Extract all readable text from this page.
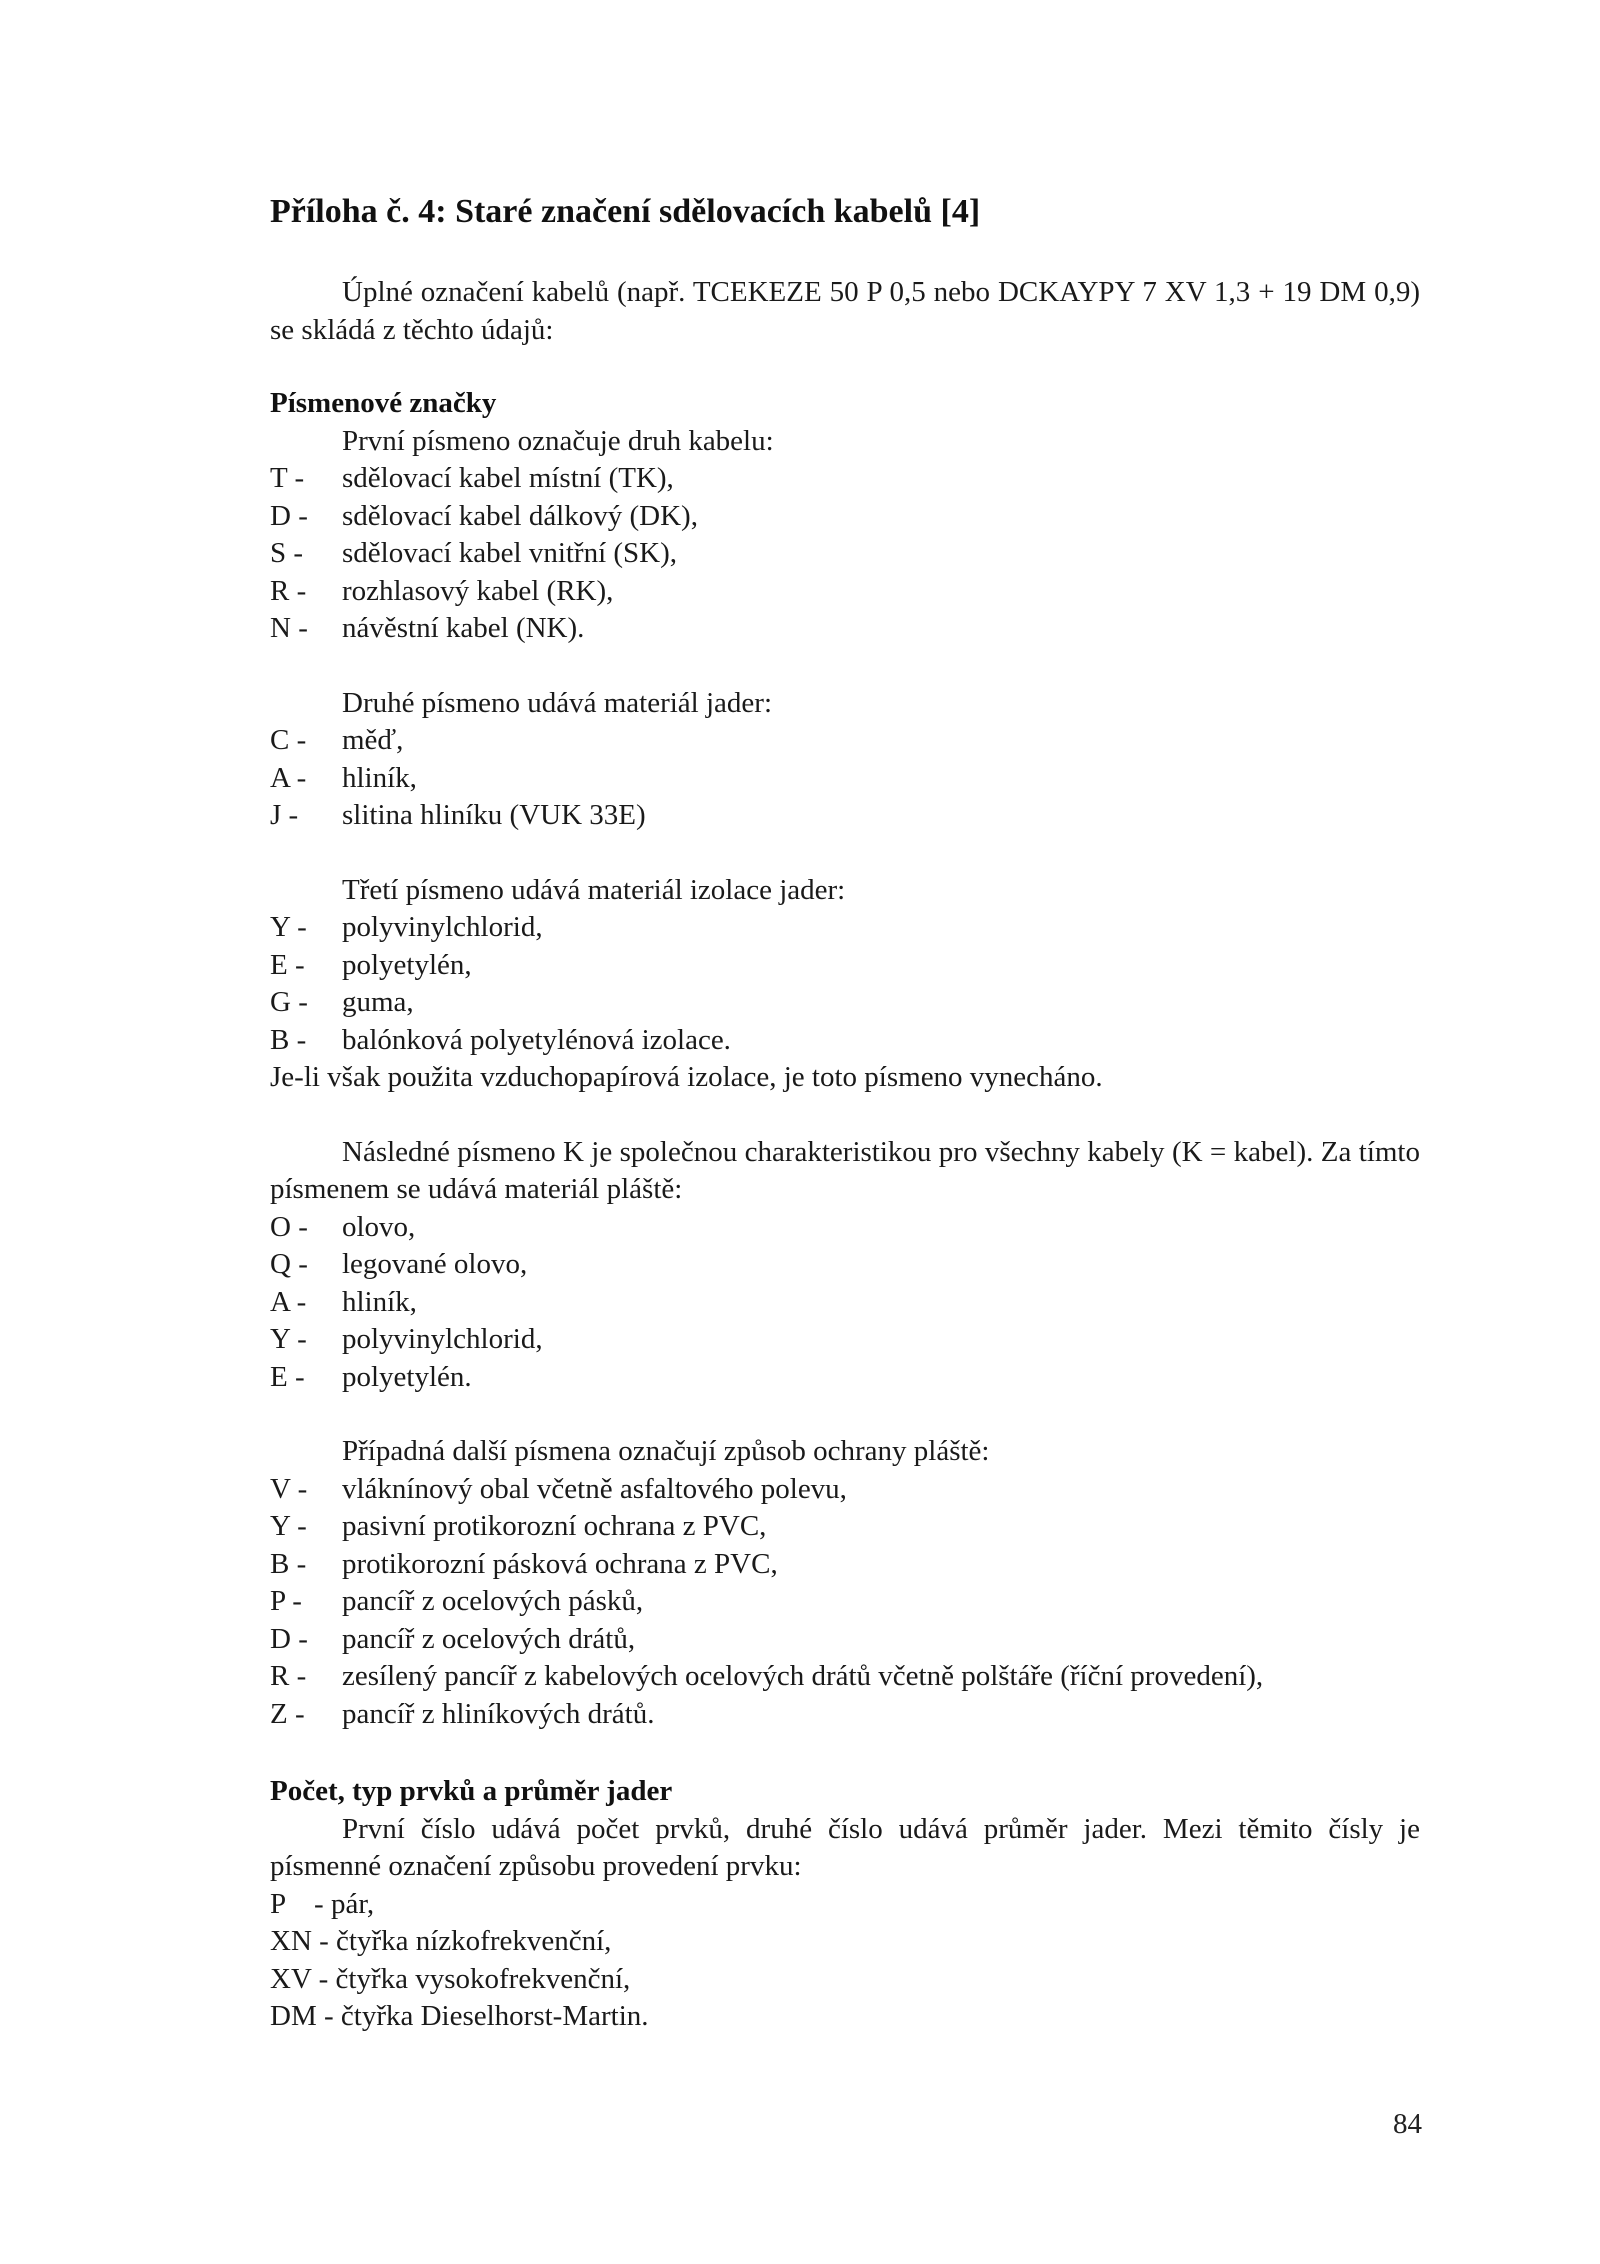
Příloha č. 4: Staré značení sdělovacích kabelů [4]

Úplné označení kabelů (např. TCEKEZE 50 P 0,5 nebo DCKAYPY 7 XV 1,3 + 19 DM 0,9) se skládá z těchto údajů:

Písmenové značky

První písmeno označuje druh kabelu:

T -	sdělovací kabel místní (TK),
D -	sdělovací kabel dálkový (DK),
S -	sdělovací kabel vnitřní (SK),
R -	rozhlasový kabel (RK),
N -	návěstní kabel (NK).

Druhé písmeno udává materiál jader:

C -	měď,
A -	hliník,
J -	slitina hliníku (VUK 33E)

Třetí písmeno udává materiál izolace jader:

Y -	polyvinylchlorid,
E -	polyetylén,
G -	guma,
B -	balónková polyetylénová izolace.

Je-li však použita vzduchopapírová izolace, je toto písmeno vynecháno.

Následné písmeno K je společnou charakteristikou pro všechny kabely (K = kabel). Za tímto písmenem se udává materiál pláště:

O -	olovo,
Q -	legované olovo,
A -	hliník,
Y -	polyvinylchlorid,
E -	polyetylén.

Případná další písmena označují způsob ochrany pláště:

V -	vláknínový obal včetně asfaltového polevu,
Y -	pasivní protikorozní ochrana z PVC,
B -	protikorozní pásková ochrana z PVC,
P -	pancíř z ocelových pásků,
D -	pancíř z ocelových drátů,
R -	zesílený pancíř z kabelových ocelových drátů včetně polštáře (říční provedení),
Z -	pancíř z hliníkových drátů.

Počet, typ prvků a průměr jader

První číslo udává počet prvků, druhé číslo udává průměr jader. Mezi těmito čísly je písmenné označení způsobu provedení prvku:

P    - pár,

XN - čtyřka nízkofrekvenční,

XV - čtyřka vysokofrekvenční,

DM - čtyřka Dieselhorst-Martin.

84
